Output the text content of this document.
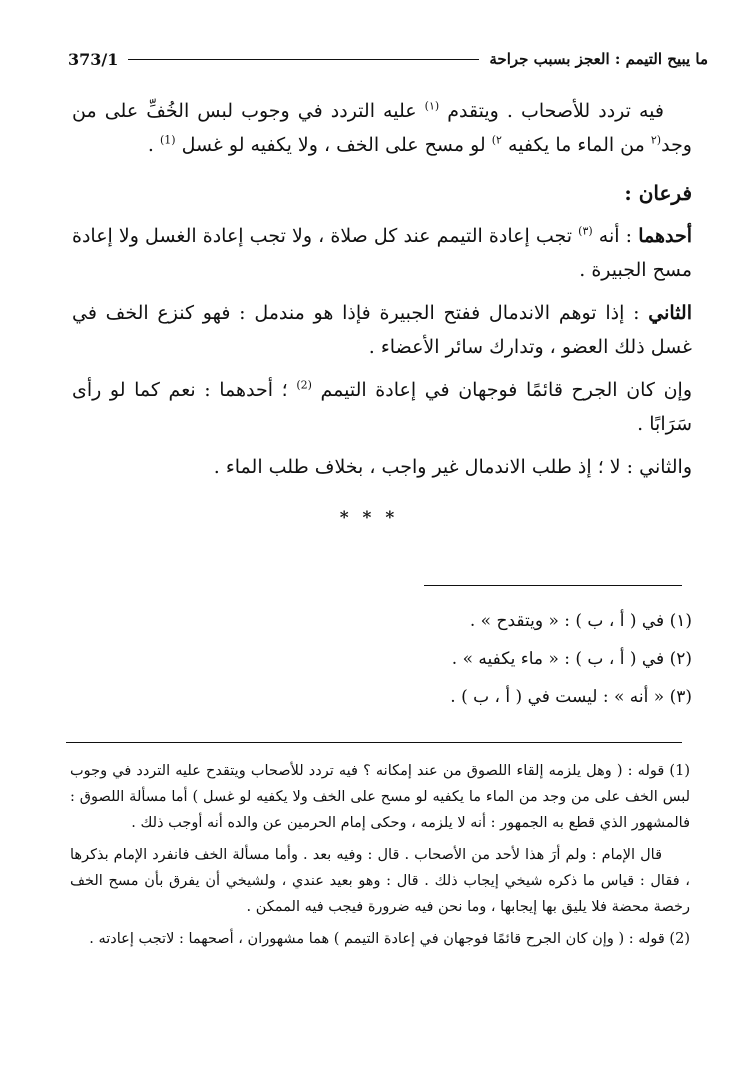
ما يبيح التيمم : العجز بسبب جراحة
373/1

فيه تردد للأصحاب . ويتقدم $^{(١)}$ عليه التردد في وجوب لبس الخُفِّ على من وجد$^{(٢}$ من الماء ما يكفيه $^{٢)}$ لو مسح على الخف ، ولا يكفيه لو غسل $^{(1)}$ .

فرعان :

أحدهما : أنه $^{(٣)}$ تجب إعادة التيمم عند كل صلاة ، ولا تجب إعادة الغسل ولا إعادة مسح الجبيرة .

الثاني : إذا توهم الاندمال ففتح الجبيرة فإذا هو مندمل : فهو كنزع الخف في غسل ذلك العضو ، وتدارك سائر الأعضاء .

وإن كان الجرح قائمًا فوجهان في إعادة التيمم $^{(2)}$ ؛ أحدهما : نعم كما لو رأى سَرَابًا .

والثاني : لا ؛ إذ طلب الاندمال غير واجب ، بخلاف طلب الماء .

* * *
(١) في ( أ ، ب ) : « ويتقدح » .
(٢) في ( أ ، ب ) : « ماء يكفيه » .
(٣) « أنه » : ليست في ( أ ، ب ) .

(1) قوله : ( وهل يلزمه إلقاء اللصوق من عند إمكانه ؟ فيه تردد للأصحاب ويتقدح عليه التردد في وجوب لبس الخف على من وجد من الماء ما يكفيه لو مسح على الخف ولا يكفيه لو غسل ) أما مسألة اللصوق : فالمشهور الذي قطع به الجمهور : أنه لا يلزمه ، وحكى إمام الحرمين عن والده أنه أوجب ذلك .

قال الإمام : ولم أرَ هذا لأحد من الأصحاب . قال : وفيه بعد . وأما مسألة الخف فانفرد الإمام بذكرها ، فقال : قياس ما ذكره شيخي إيجاب ذلك . قال : وهو بعيد عندي ، ولشيخي أن يفرق بأن مسح الخف رخصة محضة فلا يليق بها إيجابها ، وما نحن فيه ضرورة فيجب فيه الممكن .

(2) قوله : ( وإن كان الجرح قائمًا فوجهان في إعادة التيمم ) هما مشهوران ، أصحهما : لاتجب إعادته .
